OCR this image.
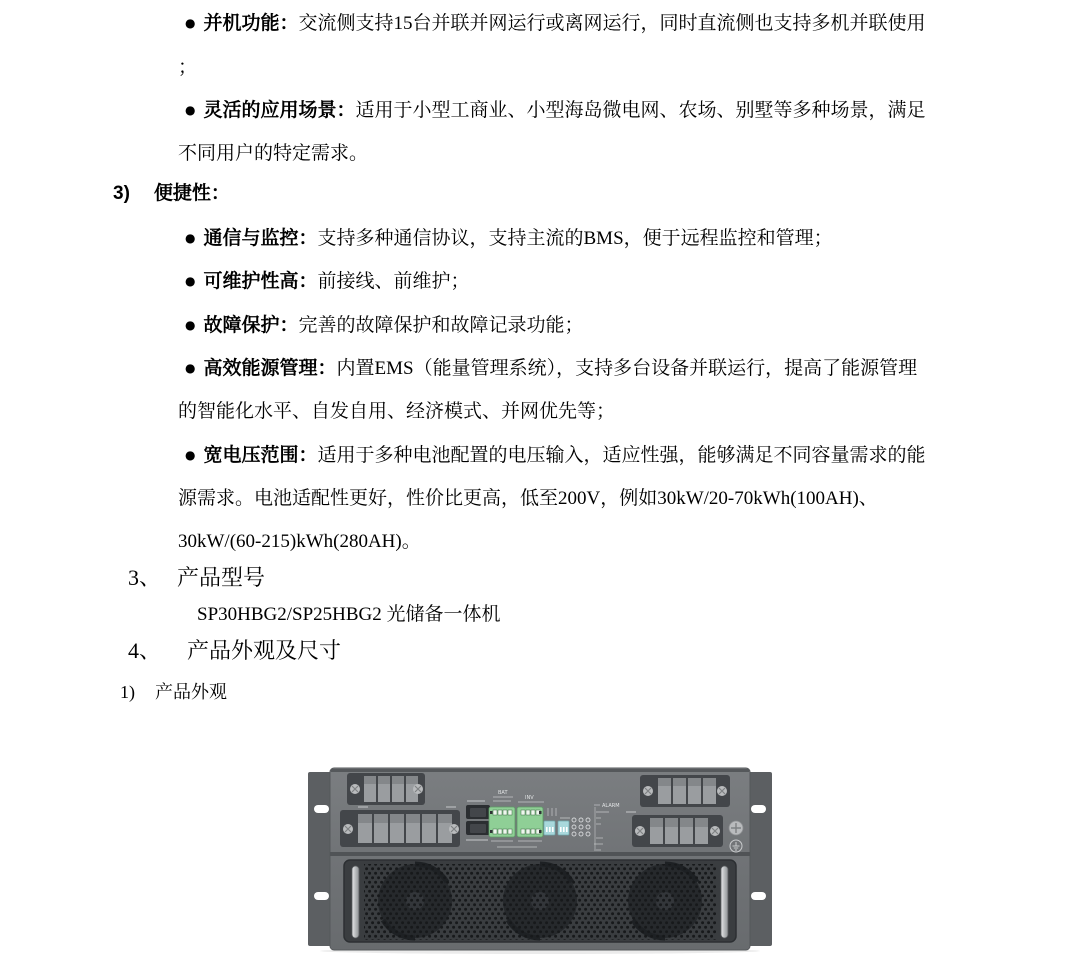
● 并机功能：交流侧支持15台并联并网运行或离网运行，同时直流侧也支持多机并联使用
；
● 灵活的应用场景：适用于小型工商业、小型海岛微电网、农场、别墅等多种场景，满足
不同用户的特定需求。
3) 便捷性：
● 通信与监控：支持多种通信协议，支持主流的BMS，便于远程监控和管理；
● 可维护性高：前接线、前维护；
● 故障保护：完善的故障保护和故障记录功能；
● 高效能源管理：内置EMS（能量管理系统），支持多台设备并联运行，提高了能源管理
的智能化水平、自发自用、经济模式、并网优先等；
● 宽电压范围：适用于多种电池配置的电压输入，适应性强，能够满足不同容量需求的能
源需求。电池适配性更好，性价比更高，低至200V，例如30kW/20-70kWh(100AH)、
30kW/(60-215)kWh(280AH)。
3、 产品型号
SP30HBG2/SP25HBG2 光储备一体机
4、 产品外观及尺寸
1) 产品外观
BAT
INV
ALARM
